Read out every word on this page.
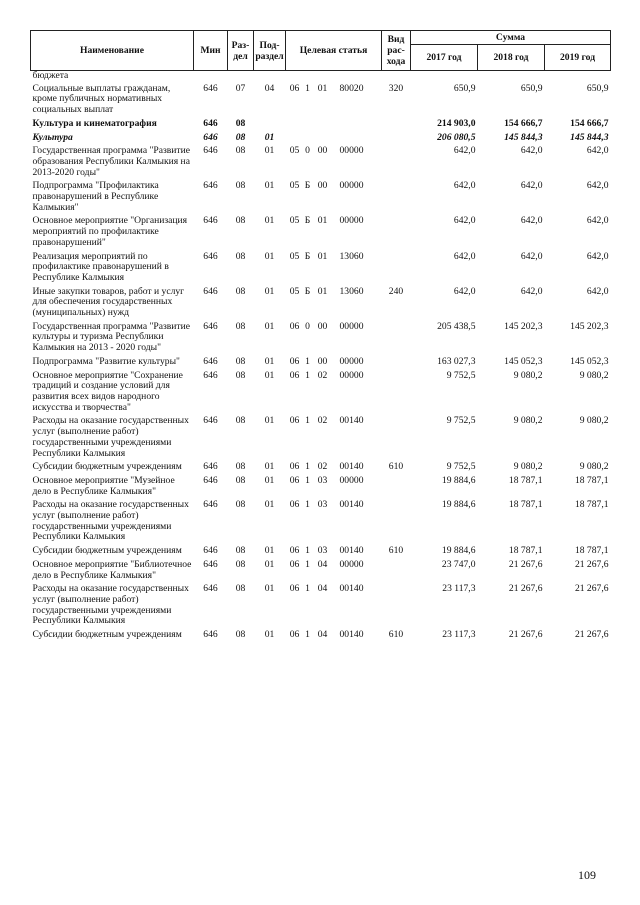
Наименование	Мин	Раз-дел	Под-раздел	Целевая статья	Вид рас-хода	Сумма		
						2017 год	2018 год	2019 год
бюджета								
Социальные выплаты гражданам, кроме публичных нормативных социальных выплат	646	07	04	06 1 01 80020	320	650,9	650,9	650,9
Культура и кинематография	646	08				214 903,0	154 666,7	154 666,7
Культура	646	08	01			206 080,5	145 844,3	145 844,3
Государственная программа "Развитие образования Республики Калмыкия на 2013-2020 годы"	646	08	01	05 0 00 00000		642,0	642,0	642,0
Подпрограмма "Профилактика правонарушений в Республике Калмыкия"	646	08	01	05 Б 00 00000		642,0	642,0	642,0
Основное мероприятие "Организация мероприятий по профилактике правонарушений"	646	08	01	05 Б 01 00000		642,0	642,0	642,0
Реализация мероприятий по профилактике правонарушений в Республике Калмыкия	646	08	01	05 Б 01 13060		642,0	642,0	642,0
Иные закупки товаров, работ и услуг для обеспечения государственных (муниципальных) нужд	646	08	01	05 Б 01 13060	240	642,0	642,0	642,0
Государственная программа "Развитие культуры и туризма Республики Калмыкия на 2013 - 2020 годы"	646	08	01	06 0 00 00000		205 438,5	145 202,3	145 202,3
Подпрограмма "Развитие культуры"	646	08	01	06 1 00 00000		163 027,3	145 052,3	145 052,3
Основное мероприятие "Сохранение традиций и создание условий для развития всех видов народного искусства и творчества"	646	08	01	06 1 02 00000		9 752,5	9 080,2	9 080,2
Расходы на оказание государственных услуг (выполнение работ) государственными учреждениями Республики Калмыкия	646	08	01	06 1 02 00140		9 752,5	9 080,2	9 080,2
Субсидии бюджетным учреждениям	646	08	01	06 1 02 00140	610	9 752,5	9 080,2	9 080,2
Основное мероприятие "Музейное дело в Республике Калмыкия"	646	08	01	06 1 03 00000		19 884,6	18 787,1	18 787,1
Расходы на оказание государственных услуг (выполнение работ) государственными учреждениями Республики Калмыкия	646	08	01	06 1 03 00140		19 884,6	18 787,1	18 787,1
Субсидии бюджетным учреждениям	646	08	01	06 1 03 00140	610	19 884,6	18 787,1	18 787,1
Основное мероприятие "Библиотечное дело в Республике Калмыкия"	646	08	01	06 1 04 00000		23 747,0	21 267,6	21 267,6
Расходы на оказание государственных услуг (выполнение работ) государственными учреждениями Республики Калмыкия	646	08	01	06 1 04 00140		23 117,3	21 267,6	21 267,6
Субсидии бюджетным учреждениям	646	08	01	06 1 04 00140	610	23 117,3	21 267,6	21 267,6
109
